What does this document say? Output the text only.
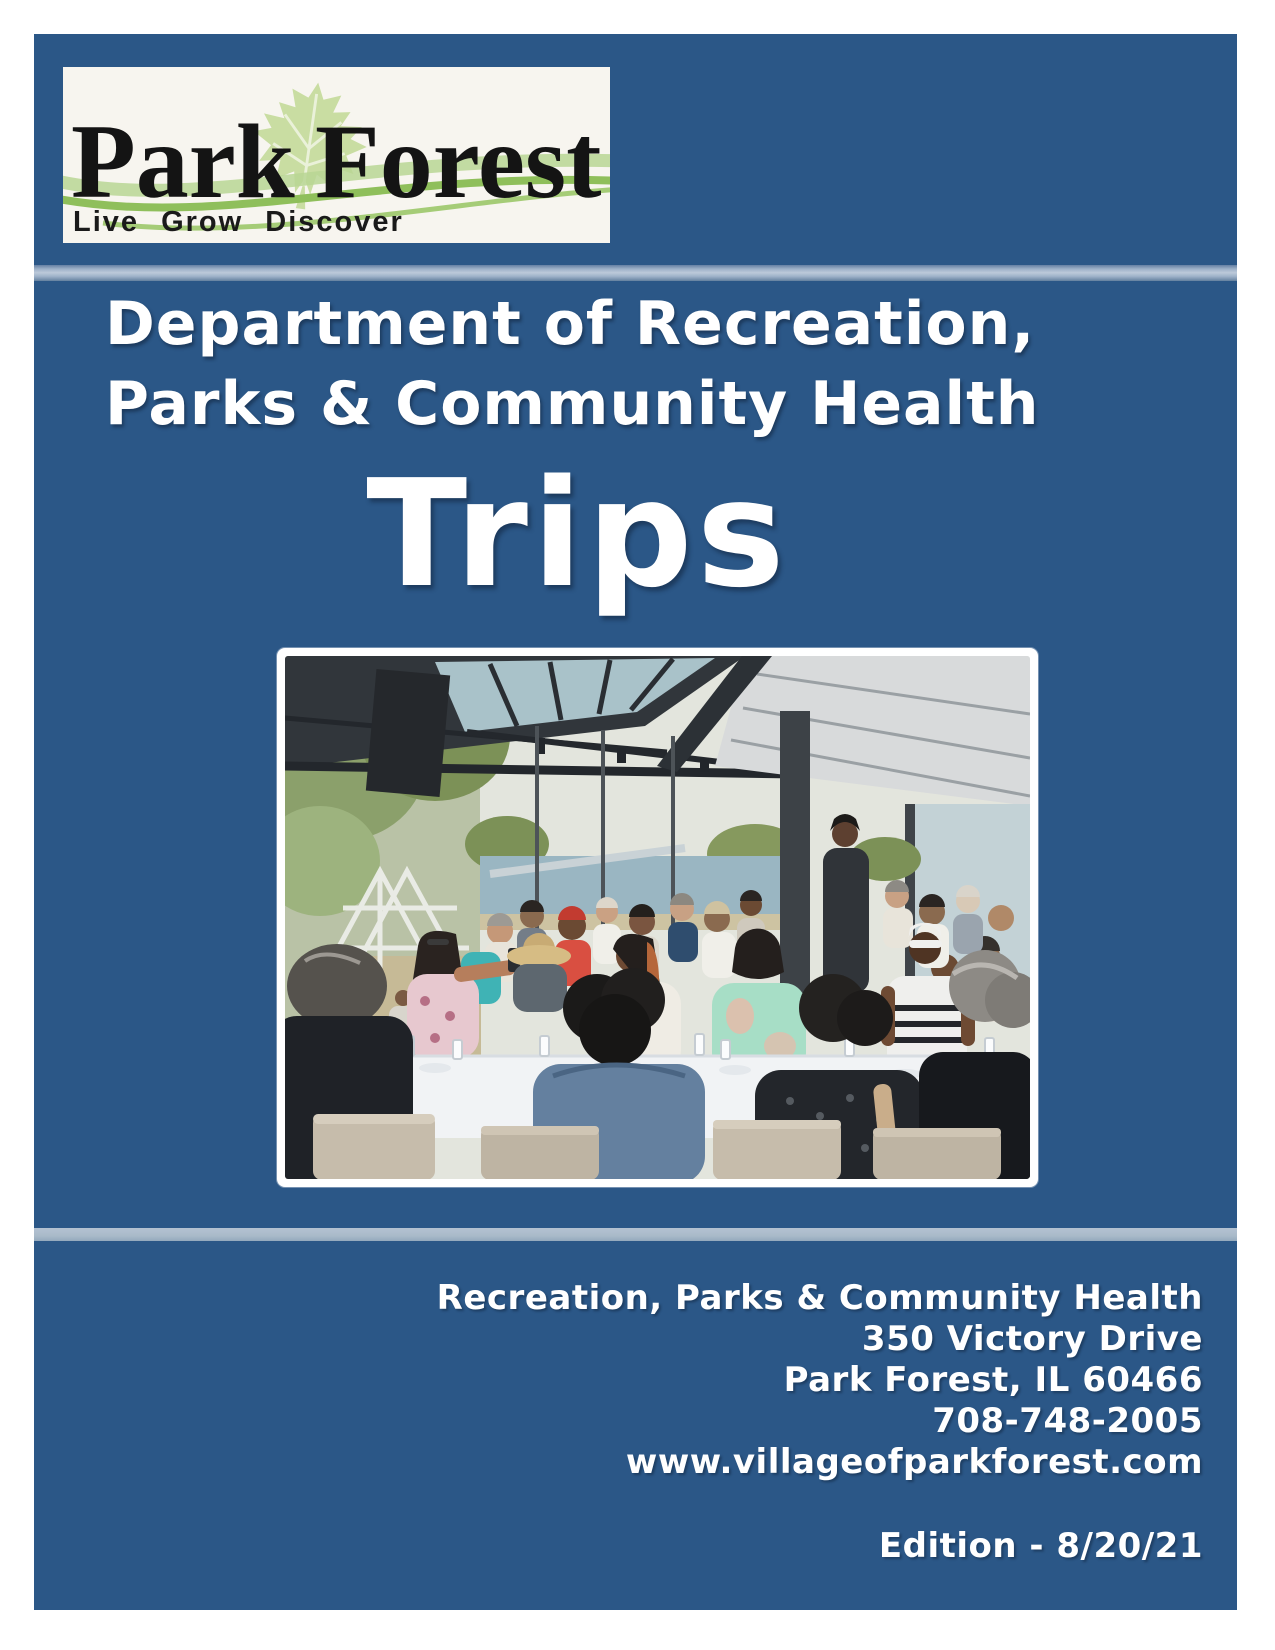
Park Forest
Live Grow Discover
Department of Recreation,
Parks & Community Health
Trips
Recreation, Parks & Community Health
350 Victory Drive
Park Forest, IL 60466
708-748-2005
www.villageofparkforest.com
Edition - 8/20/21
